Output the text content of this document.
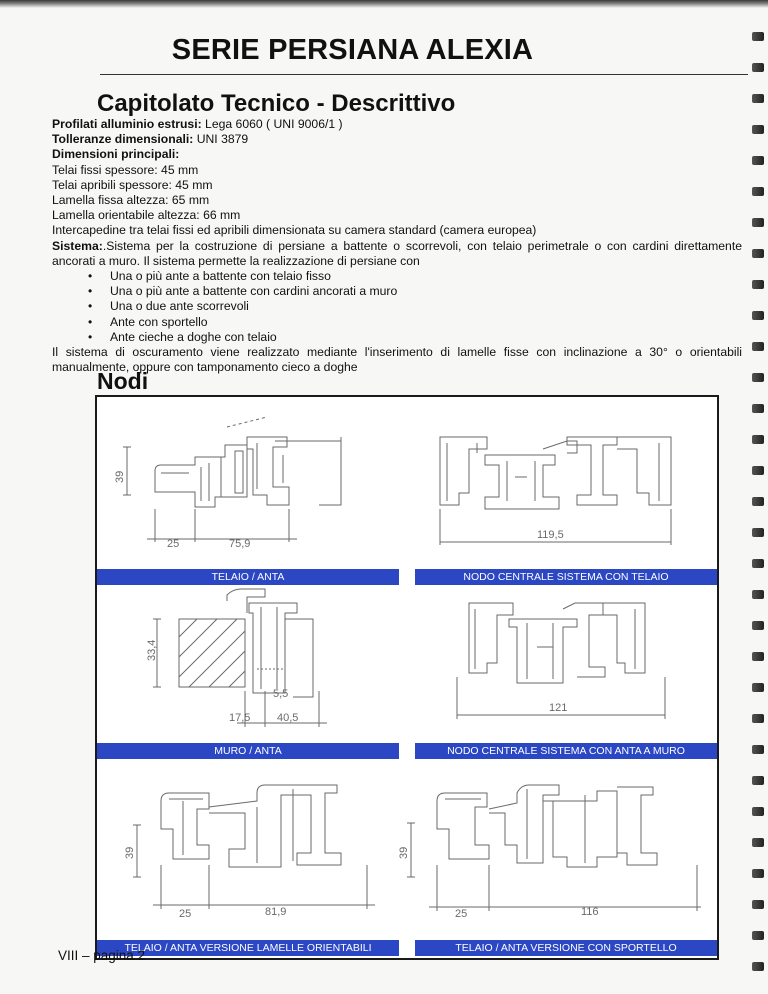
SERIE PERSIANA ALEXIA
Capitolato Tecnico - Descrittivo

Profilati alluminio estrusi: Lega 6060 ( UNI 9006/1 )

Tolleranze dimensionali: UNI 3879

Dimensioni principali:

Telai fissi spessore: 45 mm

Telai apribili spessore: 45 mm

Lamella fissa altezza: 65 mm

Lamella orientabile altezza: 66 mm

Intercapedine tra telai fissi ed apribili dimensionata su camera standard (camera europea)

Sistema:.Sistema per la costruzione di persiane a battente o scorrevoli, con telaio perimetrale o con cardini direttamente ancorati a muro. Il sistema permette la realizzazione di persiane con

• Una o più ante a battente con telaio fisso
• Una o più ante a battente con cardini ancorati a muro
• Una o due ante scorrevoli
• Ante con sportello
• Ante cieche a doghe con telaio

Il sistema di oscuramento viene realizzato mediante l'inserimento di lamelle fisse con inclinazione a 30° o orientabili manualmente, oppure con tamponamento cieco a doghe

Nodi
39
25	75,9
119,5
33,4
5,5
17,5 40,5
121
39
25	81,9
39
25	116
TELAIO / ANTA	NODO CENTRALE SISTEMA CON TELAIO
MURO / ANTA	NODO CENTRALE SISTEMA CON ANTA A MURO
TELAIO / ANTA VERSIONE LAMELLE ORIENTABILI	TELAIO / ANTA VERSIONE CON SPORTELLO
VIII – pagina 2
